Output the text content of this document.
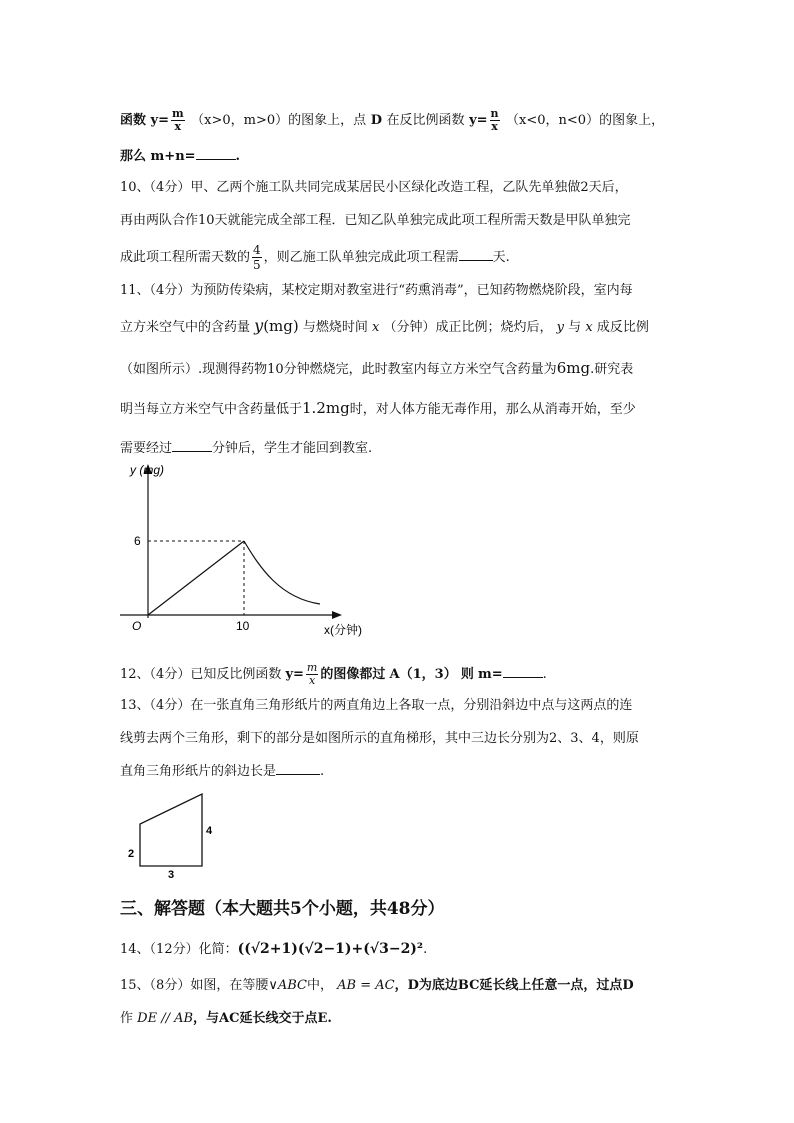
函数 $y= \frac{m}{x} (x>0$，m>0）的图象上，点 D 在反比例函数 $y= \frac{n}{x} (x<0$，n<0）的图象上，
那么 m+n=	.
10、（4分）甲、乙两个施工队共同完成某居民小区绿化改造工程，乙队先单独做2天后，
再由两队合作10天就能完成全部工程．已知乙队单独完成此项工程所需天数是甲队单独完
成此项工程所需天数的 $\frac{4}{5}$ ，则乙施工队单独完成此项工程需	天.
11、（4分）为预防传染病，某校定期对教室进行“药熏消毒”，已知药物燃烧阶段，室内每
立方米空气中的含药量 y(mg) 与燃烧时间 x （分钟）成正比例；烧灼后， y 与 x 成反比例
（如图所示）.现测得药物10分钟燃烧完，此时教室内每立方米空气含药量为6mg.研究表
明当每立方米空气中含药量低于1.2mg时，对人体方能无毒作用，那么从消毒开始，至少
需要经过	分钟后，学生才能回到教室.
y (mg)
6
10
O	x(分钟)
12、（4分）已知反比例函数 $y= \frac{m}{x}$ 的图像都过 A（1，3） 则 m=	.
13、（4分）在一张直角三角形纸片的两直角边上各取一点，分别沿斜边中点与这两点的连
线剪去两个三角形，剩下的部分是如图所示的直角梯形，其中三边长分别为2、3、4，则原
直角三角形纸片的斜边长是	.
2
4
3
三、解答题（本大题共5个小题，共48分）
14、（12分）化简：((√2+1)(√2−1)+(√3−2)².
15、（8分）如图，在等腰∨ABC中， AB = AC，D为底边BC延长线上任意一点，过点D
作 DE // AB，与AC延长线交于点E.
